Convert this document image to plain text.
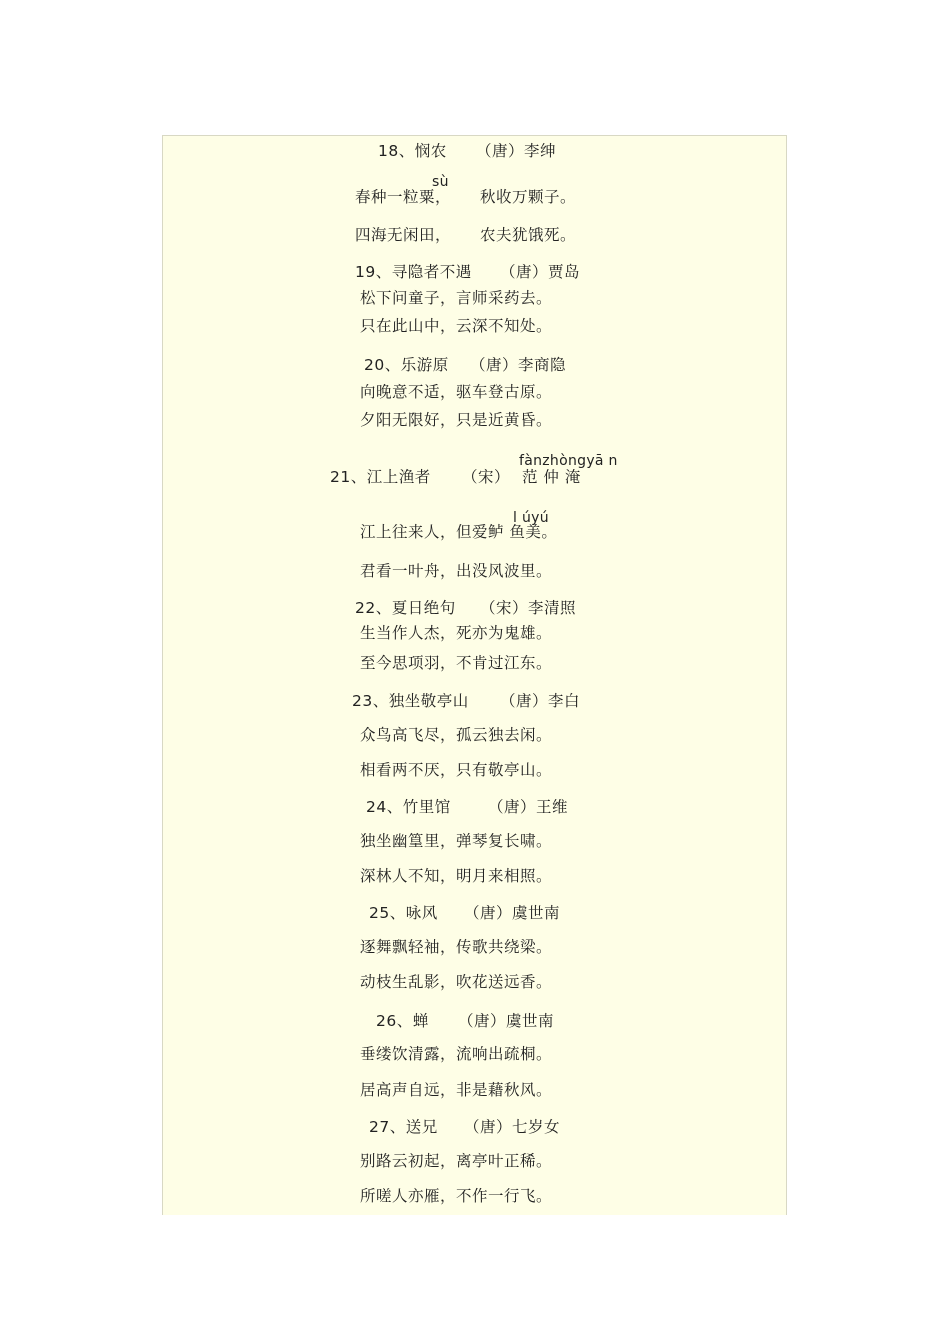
18、悯农 （唐）李绅
sù
春种一粒粟， 秋收万颗子。
四海无闲田， 农夫犹饿死。
19、寻隐者不遇 （唐）贾岛
松下问童子，言师采药去。
只在此山中，云深不知处。
20、乐游原 （唐）李商隐
向晚意不适，驱车登古原。
夕阳无限好，只是近黄昏。
fànzhòngyā n
21、江上渔者 （宋） 范 仲 淹
l úyú
江上往来人，但爱鲈 鱼美。
君看一叶舟，出没风波里。
22、夏日绝句 （宋）李清照
生当作人杰，死亦为鬼雄。
至今思项羽，不肯过江东。
23、独坐敬亭山 （唐）李白
众鸟高飞尽，孤云独去闲。
相看两不厌，只有敬亭山。
24、竹里馆 （唐）王维
独坐幽篁里，弹琴复长啸。
深林人不知，明月来相照。
25、咏风 （唐）虞世南
逐舞飘轻袖，传歌共绕梁。
动枝生乱影，吹花送远香。
26、蝉 （唐）虞世南
垂缕饮清露，流响出疏桐。
居高声自远，非是藉秋风。
27、送兄 （唐）七岁女
别路云初起，离亭叶正稀。
所嗟人亦雁，不作一行飞。
